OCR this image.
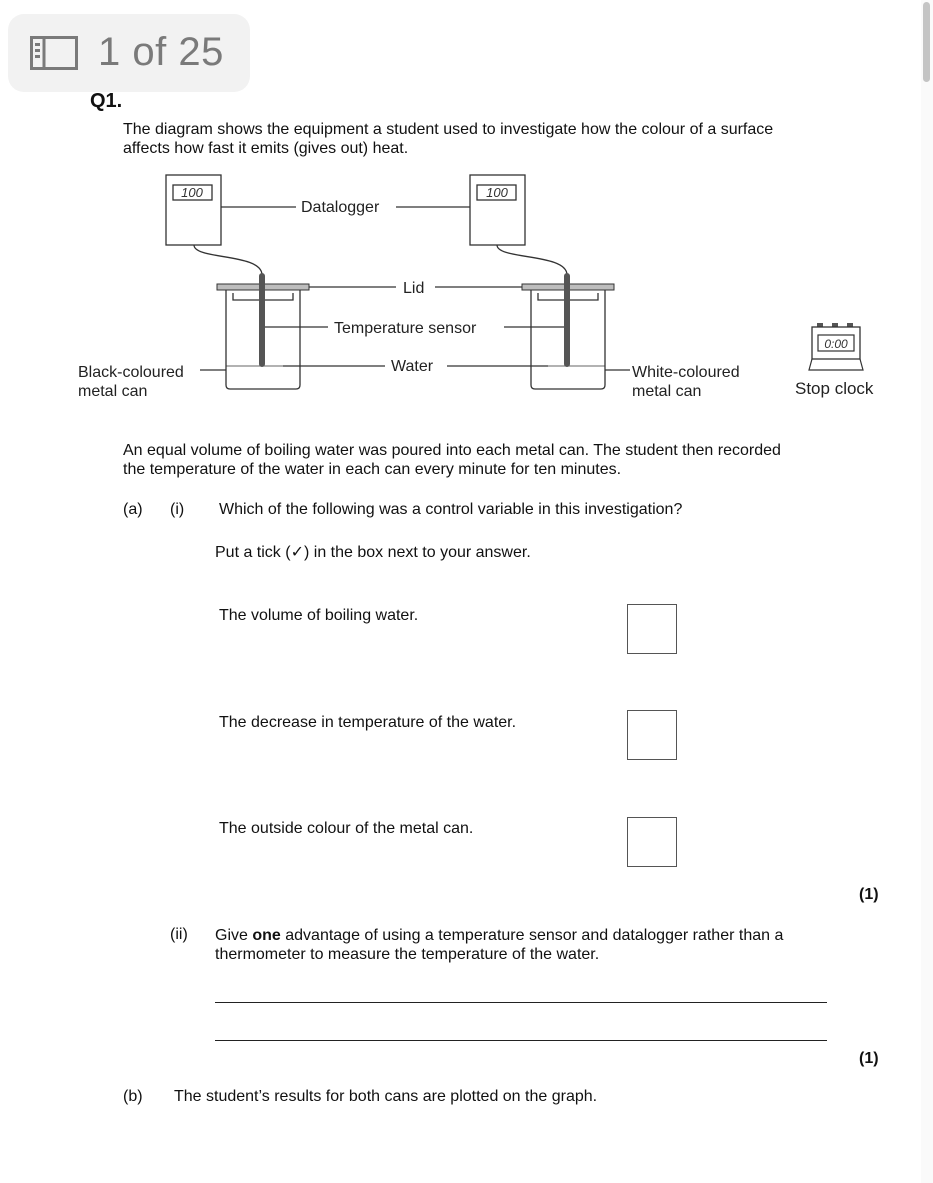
1 of 25
Q1.
The diagram shows the equipment a student used to investigate how the colour of a surface affects how fast it emits (gives out) heat.
100	100
Datalogger
Lid
Temperature sensor
Water
Black-coloured
metal can
White-coloured
metal can
0:00
Stop clock
An equal volume of boiling water was poured into each metal can. The student then recorded the temperature of the water in each can every minute for ten minutes.
(a) (i) Which of the following was a control variable in this investigation?
Put a tick (✓) in the box next to your answer.
The volume of boiling water.
The decrease in temperature of the water.
The outside colour of the metal can.
(1)
(ii) Give one advantage of using a temperature sensor and datalogger rather than a thermometer to measure the temperature of the water.
(1)
(b) The student’s results for both cans are plotted on the graph.
